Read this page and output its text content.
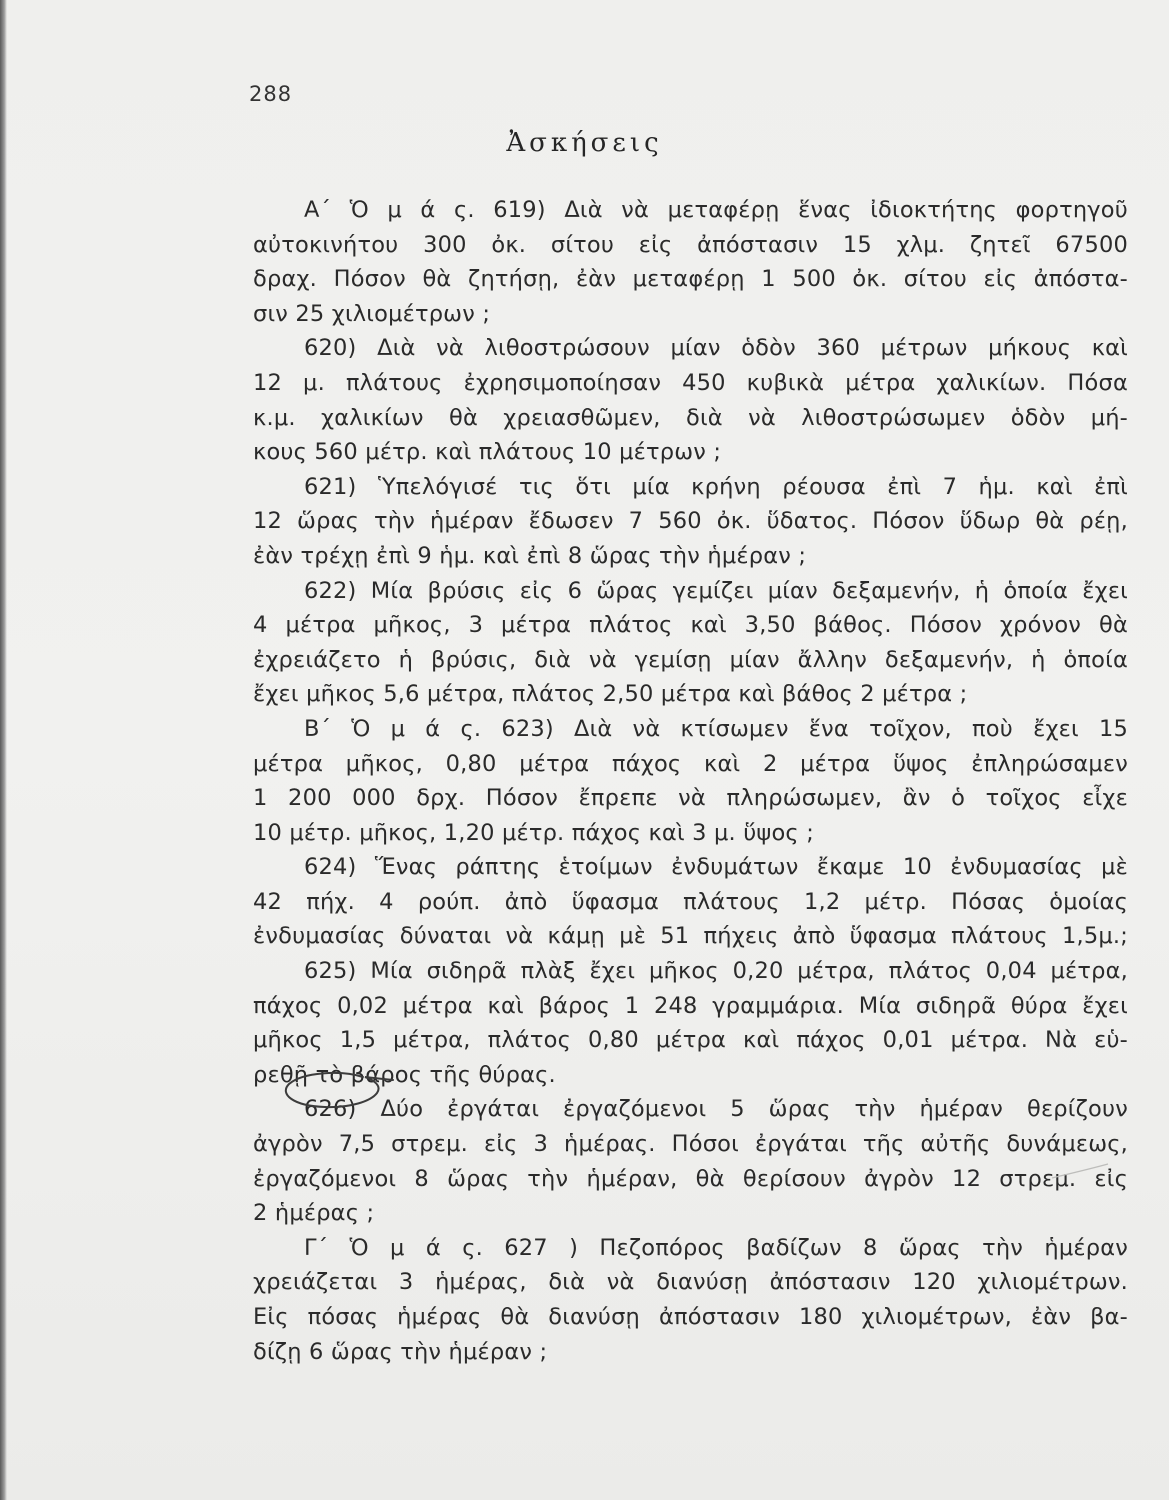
288
Ἀσκήσεις
Α΄ Ὁ μ ά ς. 619) Διὰ νὰ μεταφέρῃ ἕνας ἰδιοκτήτης φορτηγοῦ
αὐτοκινήτου 300 ὀκ. σίτου εἰς ἀπόστασιν 15 χλμ. ζητεῖ 67500
δραχ. Πόσον θὰ ζητήσῃ, ἐὰν μεταφέρῃ 1 500 ὀκ. σίτου εἰς ἀπόστα-
σιν 25 χιλιομέτρων ;
620) Διὰ νὰ λιθοστρώσουν μίαν ὁδὸν 360 μέτρων μήκους καὶ
12 μ. πλάτους ἐχρησιμοποίησαν 450 κυβικὰ μέτρα χαλικίων. Πόσα
κ.μ. χαλικίων θὰ χρειασθῶμεν, διὰ νὰ λιθοστρώσωμεν ὁδὸν μή-
κους 560 μέτρ. καὶ πλάτους 10 μέτρων ;
621) Ὑπελόγισέ τις ὅτι μία κρήνη ρέουσα ἐπὶ 7 ἡμ. καὶ ἐπὶ
12 ὥρας τὴν ἡμέραν ἔδωσεν 7 560 ὀκ. ὕδατος. Πόσον ὕδωρ θὰ ρέῃ,
ἐὰν τρέχῃ ἐπὶ 9 ἡμ. καὶ ἐπὶ 8 ὥρας τὴν ἡμέραν ;
622) Μία βρύσις εἰς 6 ὥρας γεμίζει μίαν δεξαμενήν, ἡ ὁποία ἔχει
4 μέτρα μῆκος, 3 μέτρα πλάτος καὶ 3,50 βάθος. Πόσον χρόνον θὰ
ἐχρειάζετο ἡ βρύσις, διὰ νὰ γεμίσῃ μίαν ἄλλην δεξαμενήν, ἡ ὁποία
ἔχει μῆκος 5,6 μέτρα, πλάτος 2,50 μέτρα καὶ βάθος 2 μέτρα ;
Β΄ Ὁ μ ά ς. 623) Διὰ νὰ κτίσωμεν ἕνα τοῖχον, ποὺ ἔχει 15
μέτρα μῆκος, 0,80 μέτρα πάχος καὶ 2 μέτρα ὕψος ἐπληρώσαμεν
1 200 000 δρχ. Πόσον ἔπρεπε νὰ πληρώσωμεν, ἂν ὁ τοῖχος εἶχε
10 μέτρ. μῆκος, 1,20 μέτρ. πάχος καὶ 3 μ. ὕψος ;
624) Ἕνας ράπτης ἑτοίμων ἐνδυμάτων ἔκαμε 10 ἐνδυμασίας μὲ
42 πήχ. 4 ρούπ. ἀπὸ ὕφασμα πλάτους 1,2 μέτρ. Πόσας ὁμοίας
ἐνδυμασίας δύναται νὰ κάμῃ μὲ 51 πήχεις ἀπὸ ὕφασμα πλάτους 1,5μ.;
625) Μία σιδηρᾶ πλὰξ ἔχει μῆκος 0,20 μέτρα, πλάτος 0,04 μέτρα,
πάχος 0,02 μέτρα καὶ βάρος 1 248 γραμμάρια. Μία σιδηρᾶ θύρα ἔχει
μῆκος 1,5 μέτρα, πλάτος 0,80 μέτρα καὶ πάχος 0,01 μέτρα. Νὰ εὑ-
ρεθῇ τὸ βάρος τῆς θύρας.
626) Δύο ἐργάται ἐργαζόμενοι 5 ὥρας τὴν ἡμέραν θερίζουν
ἀγρὸν 7,5 στρεμ. εἰς 3 ἡμέρας. Πόσοι ἐργάται τῆς αὐτῆς δυνάμεως,
ἐργαζόμενοι 8 ὥρας τὴν ἡμέραν, θὰ θερίσουν ἀγρὸν 12 στρεμ. εἰς
2 ἡμέρας ;
Γ΄ Ὁ μ ά ς. 627 ) Πεζοπόρος βαδίζων 8 ὥρας τὴν ἡμέραν
χρειάζεται 3 ἡμέρας, διὰ νὰ διανύσῃ ἀπόστασιν 120 χιλιομέτρων.
Εἰς πόσας ἡμέρας θὰ διανύσῃ ἀπόστασιν 180 χιλιομέτρων, ἐὰν βα-
δίζῃ 6 ὥρας τὴν ἡμέραν ;
